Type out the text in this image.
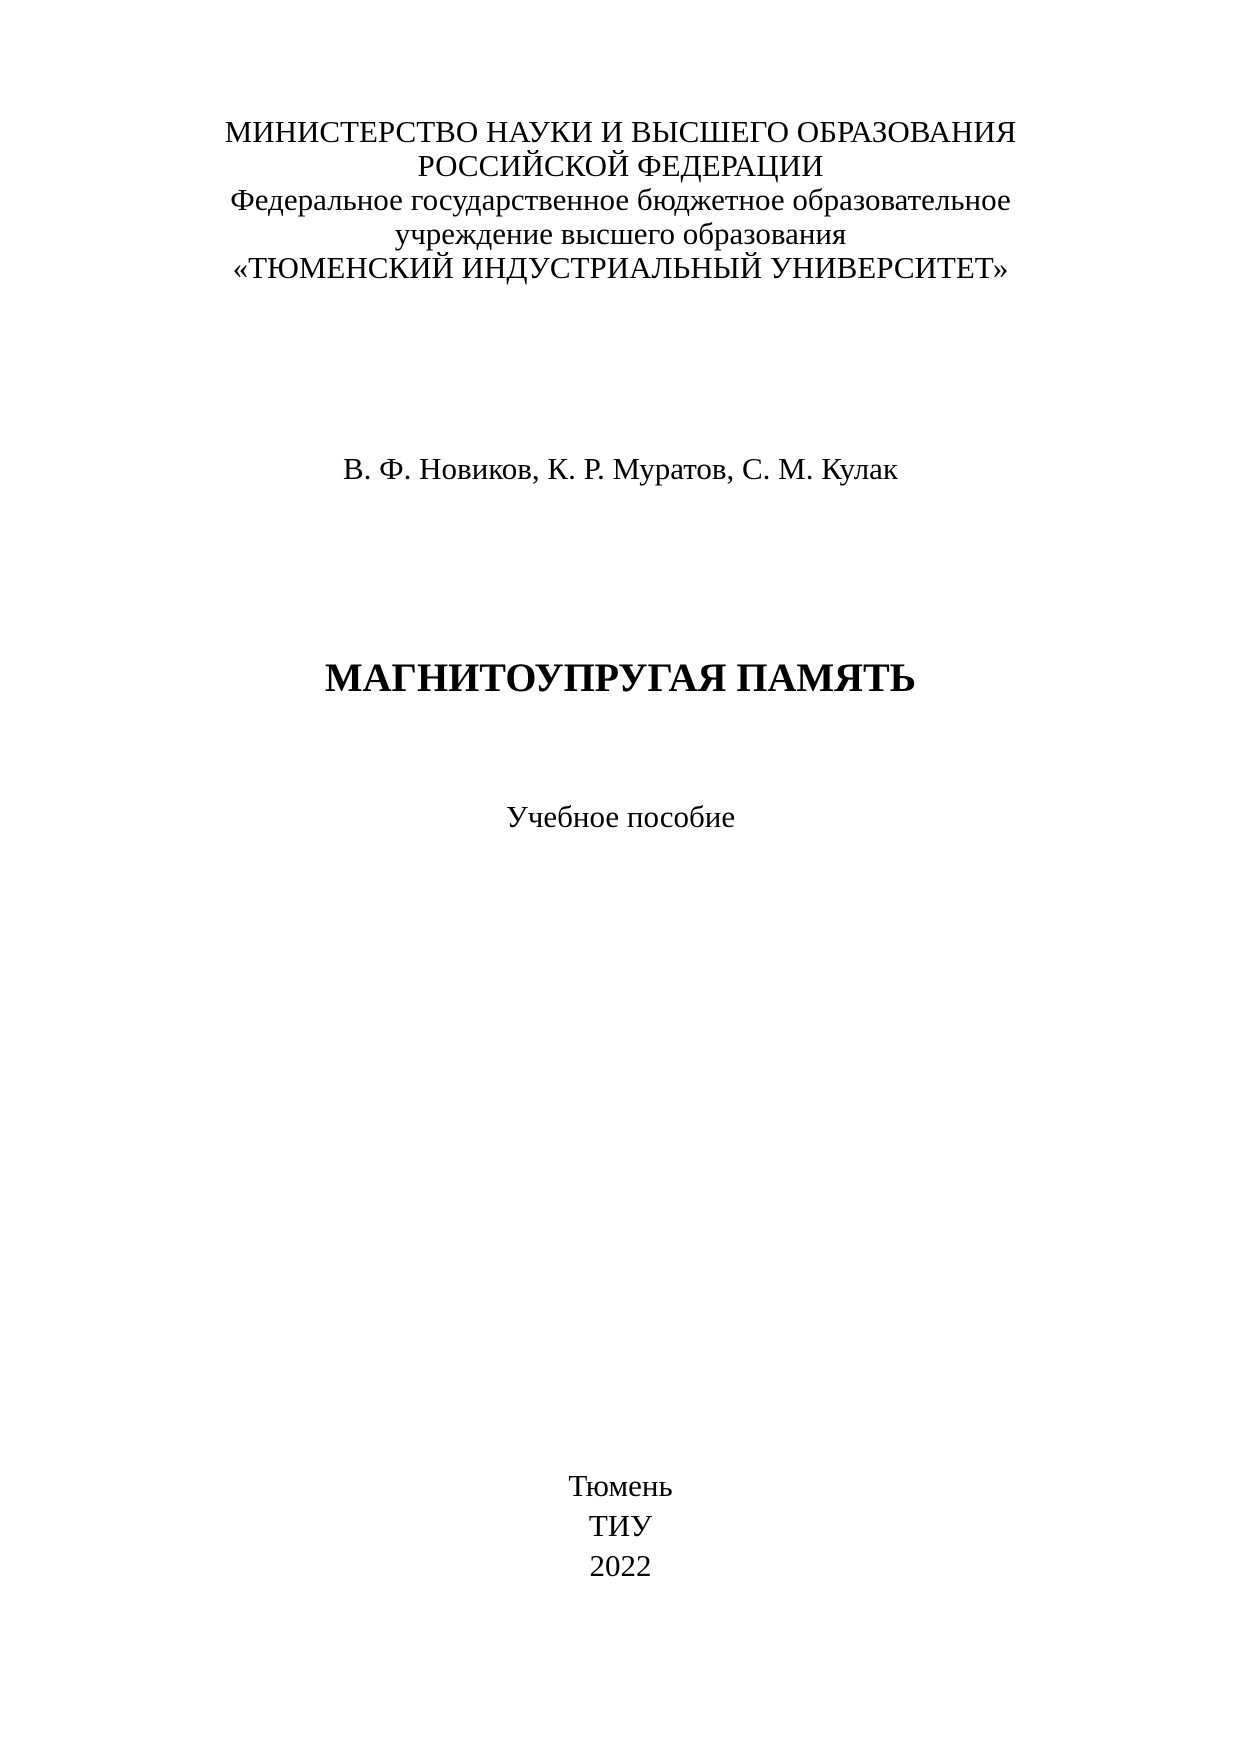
МИНИСТЕРСТВО НАУКИ И ВЫСШЕГО ОБРАЗОВАНИЯ
РОССИЙСКОЙ ФЕДЕРАЦИИ
Федеральное государственное бюджетное образовательное
учреждение высшего образования
«ТЮМЕНСКИЙ ИНДУСТРИАЛЬНЫЙ УНИВЕРСИТЕТ»
В. Ф. Новиков, К. Р. Муратов, С. М. Кулак
МАГНИТОУПРУГАЯ ПАМЯТЬ
Учебное пособие
Тюмень
ТИУ
2022
